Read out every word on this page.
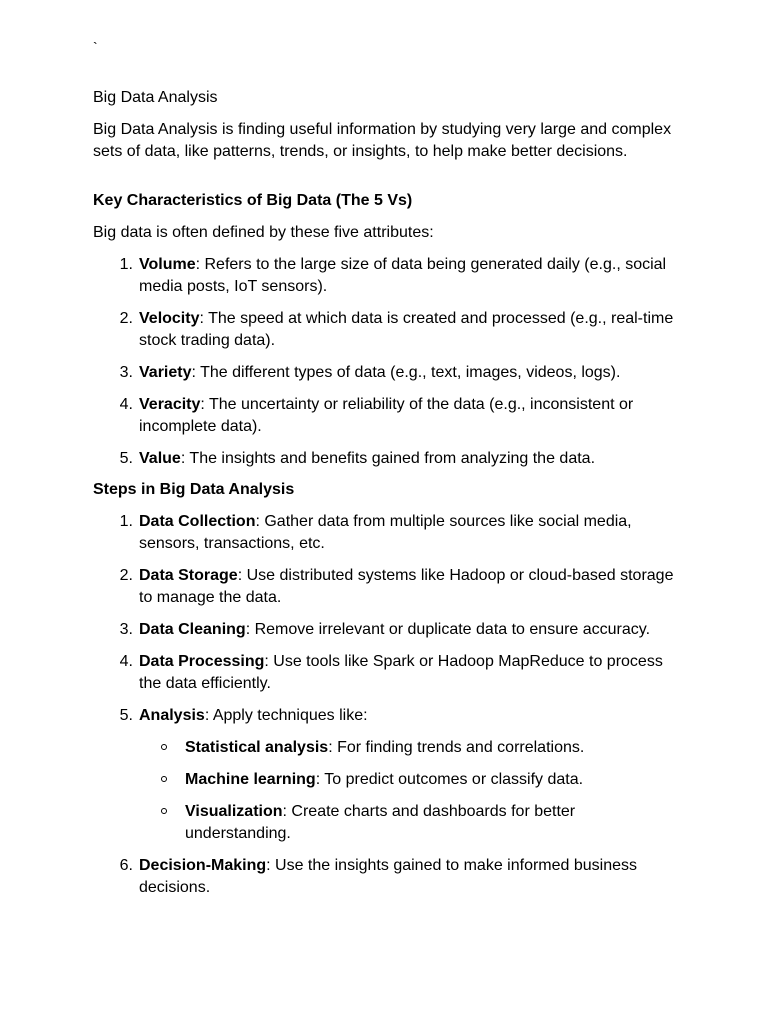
`

Big Data Analysis

Big Data Analysis is finding useful information by studying very large and complex sets of data, like patterns, trends, or insights, to help make better decisions.

Key Characteristics of Big Data (The 5 Vs)

Big data is often defined by these five attributes:

1. Volume: Refers to the large size of data being generated daily (e.g., social media posts, IoT sensors).
2. Velocity: The speed at which data is created and processed (e.g., real-time stock trading data).
3. Variety: The different types of data (e.g., text, images, videos, logs).
4. Veracity: The uncertainty or reliability of the data (e.g., inconsistent or incomplete data).
5. Value: The insights and benefits gained from analyzing the data.

Steps in Big Data Analysis

1. Data Collection: Gather data from multiple sources like social media, sensors, transactions, etc.
2. Data Storage: Use distributed systems like Hadoop or cloud-based storage to manage the data.
3. Data Cleaning: Remove irrelevant or duplicate data to ensure accuracy.
4. Data Processing: Use tools like Spark or Hadoop MapReduce to process the data efficiently.
5. Analysis: Apply techniques like:
Statistical analysis: For finding trends and correlations.
Machine learning: To predict outcomes or classify data.
Visualization: Create charts and dashboards for better understanding.
6. Decision-Making: Use the insights gained to make informed business decisions.
